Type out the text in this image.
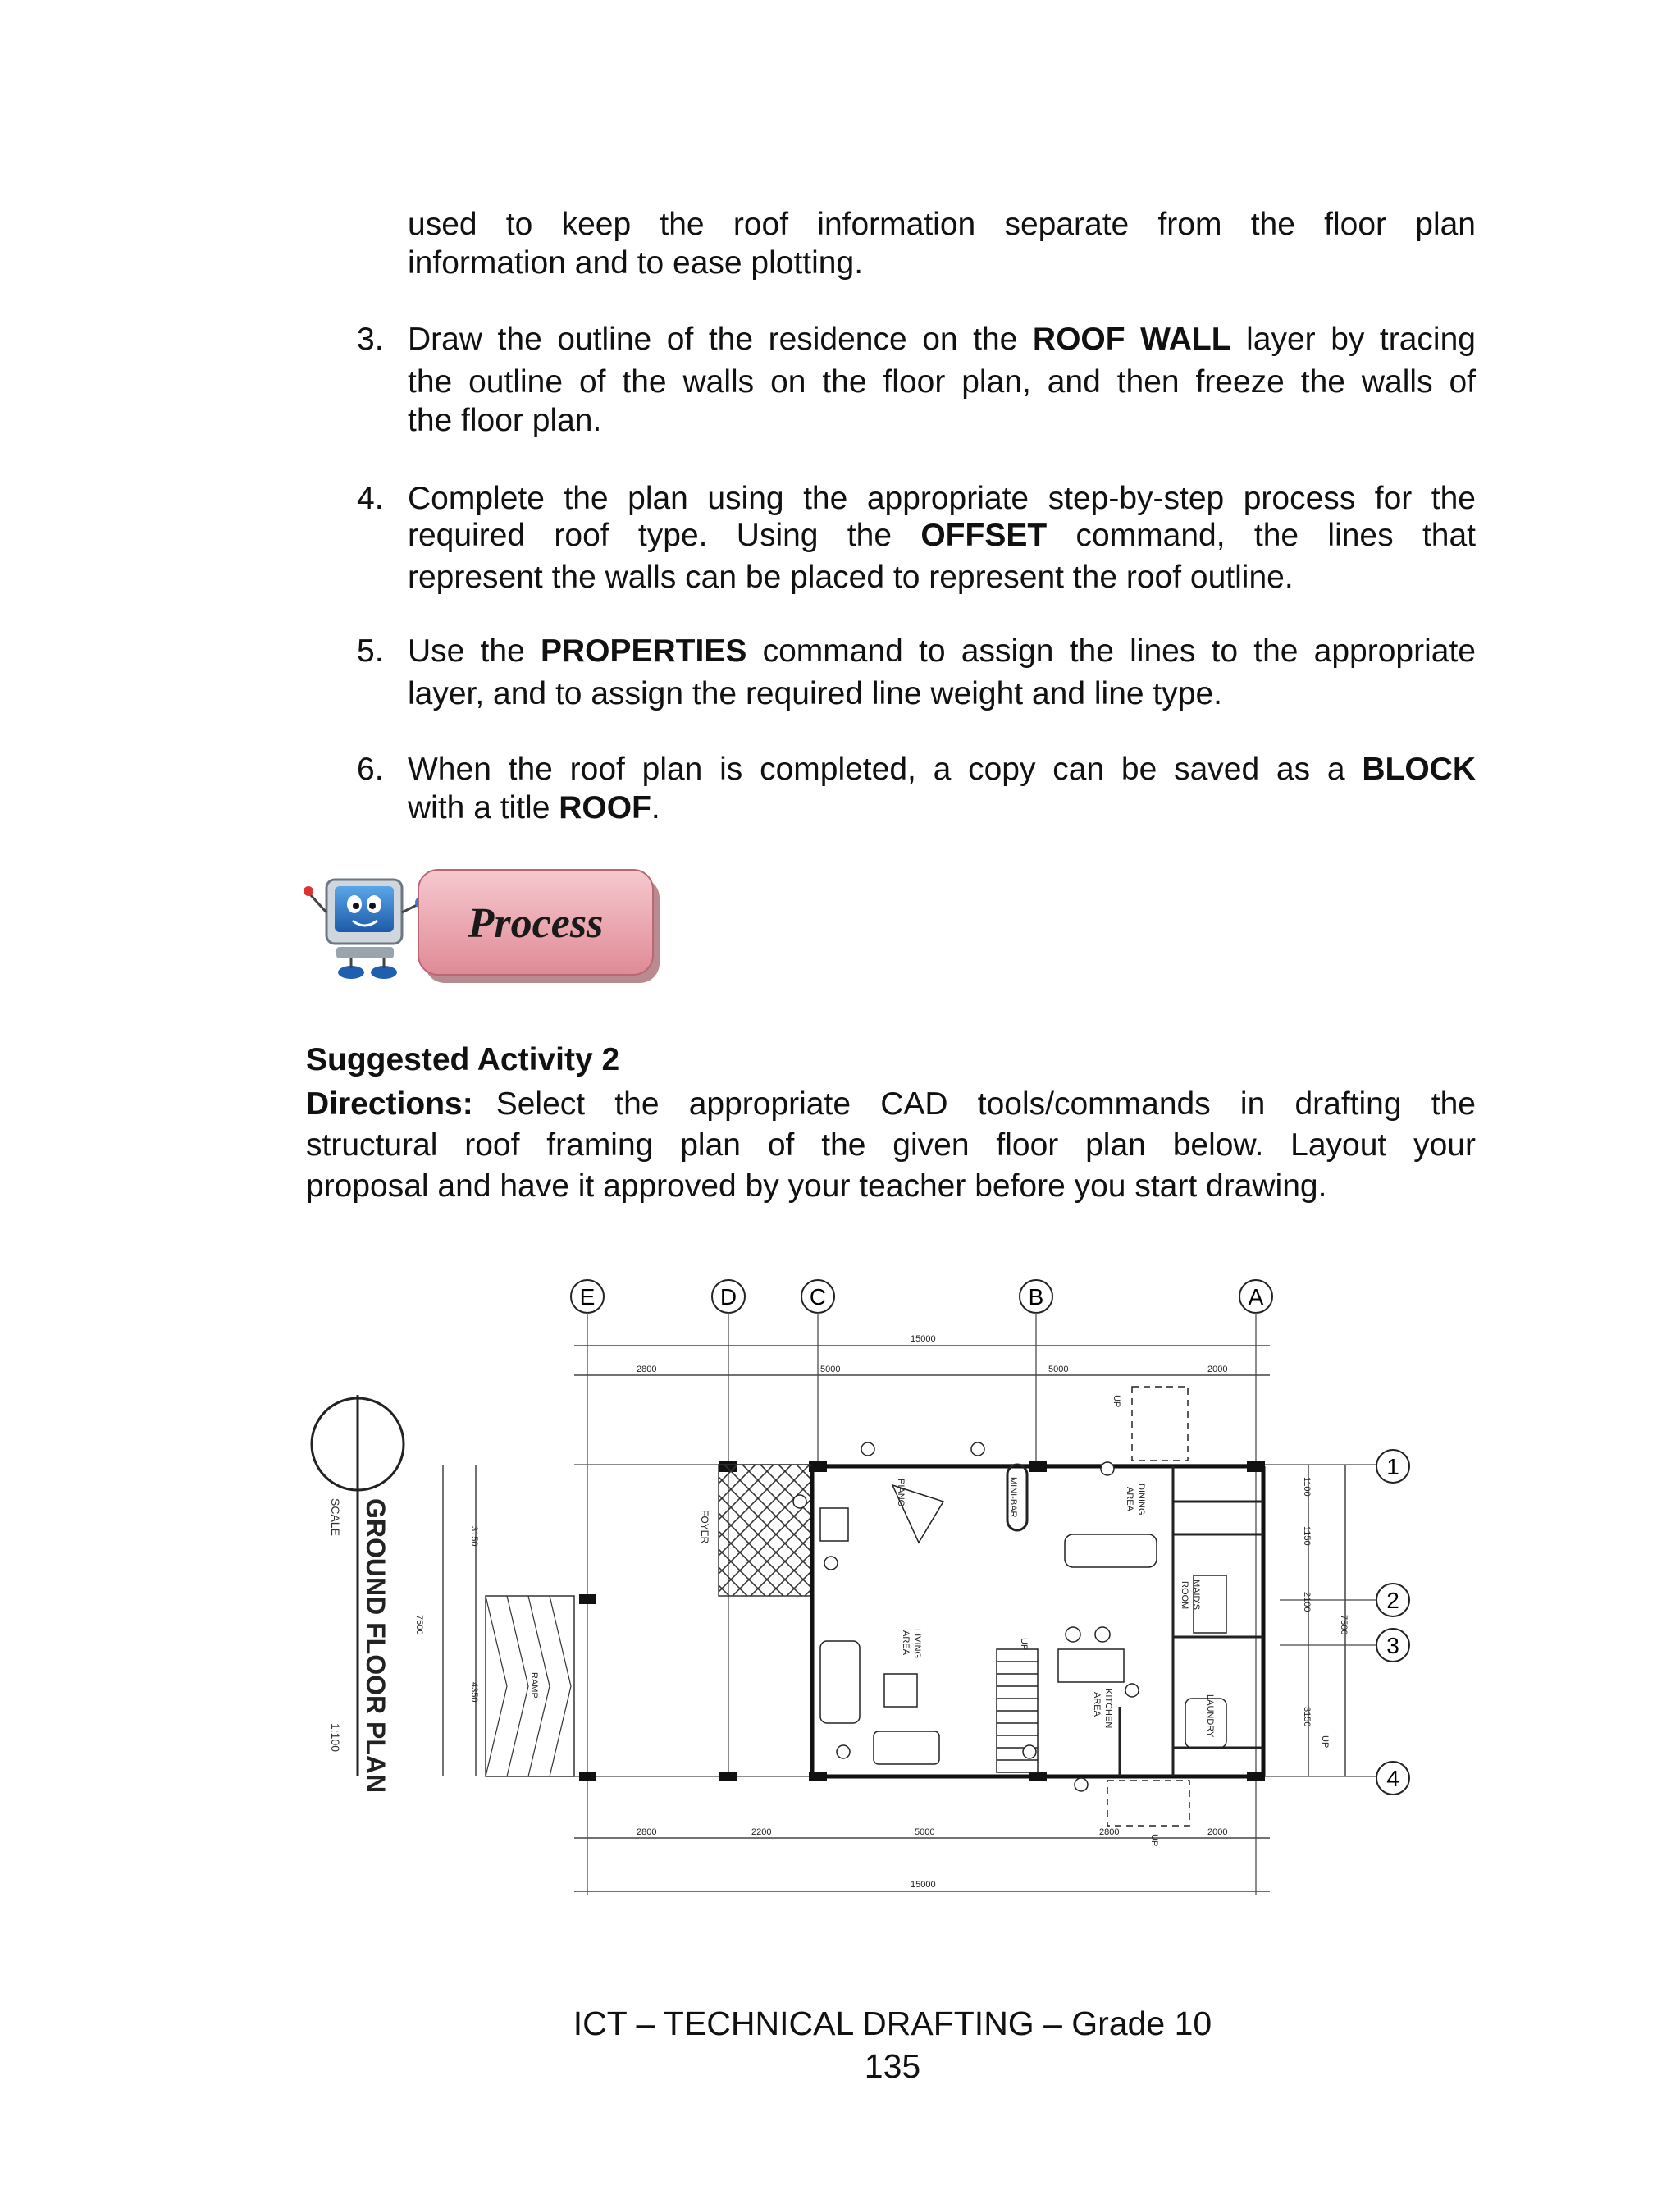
used to keep the roof information separate from the floor plan
information and to ease plotting.
3. Draw the outline of the residence on the ROOF WALL layer by tracing
the outline of the walls on the floor plan, and then freeze the walls of
the floor plan.
4. Complete the plan using the appropriate step-by-step process for the
required roof type. Using the OFFSET command, the lines that
represent the walls can be placed to represent the roof outline.
5. Use the PROPERTIES command to assign the lines to the appropriate
layer, and to assign the required line weight and line type.
6. When the roof plan is completed, a copy can be saved as a BLOCK
with a title ROOF.
Process
Suggested Activity 2
Directions: Select the appropriate CAD tools/commands in drafting the
structural roof framing plan of the given floor plan below. Layout your
proposal and have it approved by your teacher before you start drawing.
E	D	C	B	A
15000
2800	5000	5000	2000
2800	2200	5000	2800	2000
15000
3150
7500
4350
1100
1150
2100
7500
3150
1
2
3
4
GROUND FLOOR PLAN
SCALE
1:100
RAMP
FOYER
PIANO	MINI-BAR	DINING
AREA
MAID'S
ROOM
LIVING
AREA
KITCHEN
AREA	LAUNDRY
UP
UP
UP
UP
ICT – TECHNICAL DRAFTING – Grade 10
135
